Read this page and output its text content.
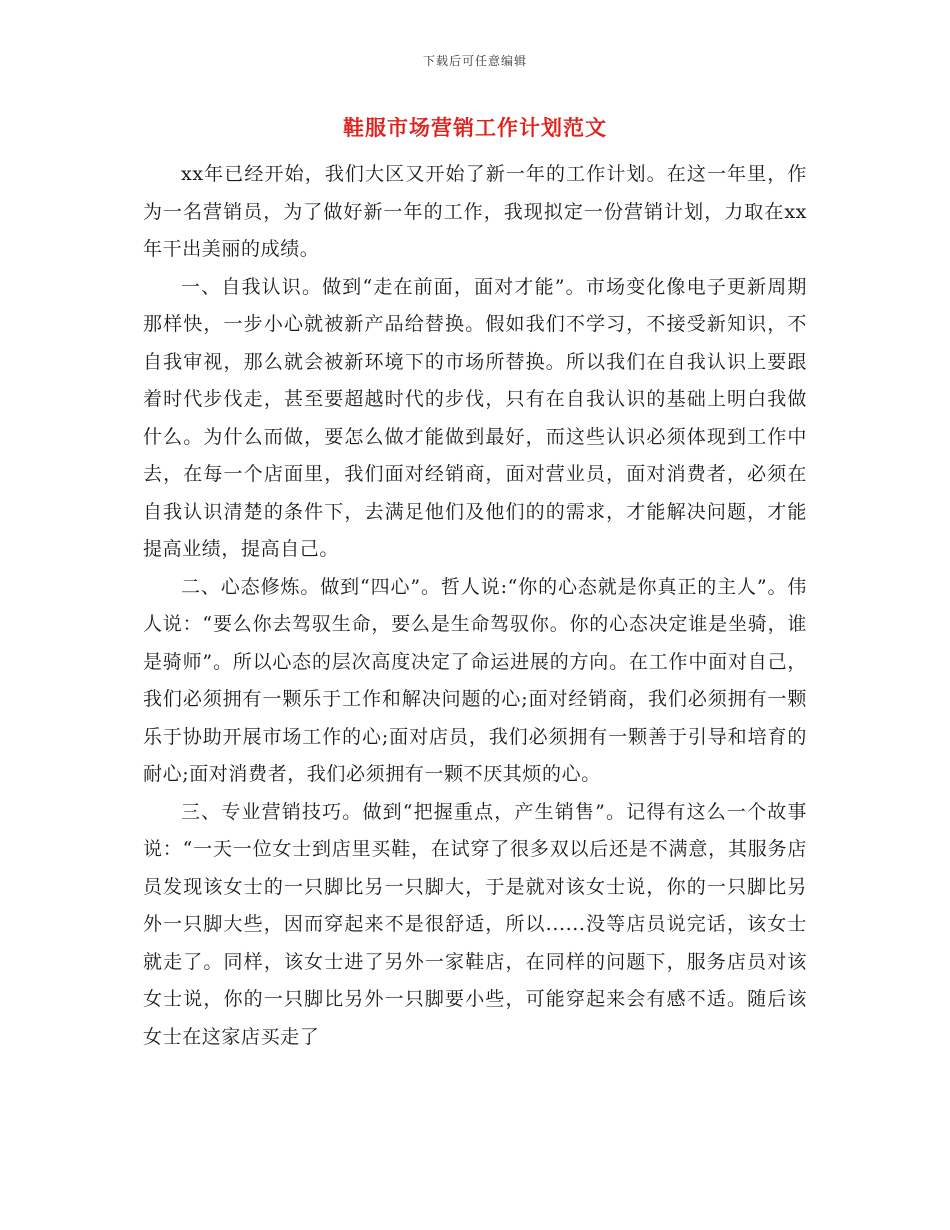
下载后可任意编辑
鞋服市场营销工作计划范文

xx年已经开始，我们大区又开始了新一年的工作计划。在这一年里，作为一名营销员，为了做好新一年的工作，我现拟定一份营销计划，力取在xx年干出美丽的成绩。

一、自我认识。做到“走在前面，面对才能”。市场变化像电子更新周期那样快，一步小心就被新产品给替换。假如我们不学习，不接受新知识，不自我审视，那么就会被新环境下的市场所替换。所以我们在自我认识上要跟着时代步伐走，甚至要超越时代的步伐，只有在自我认识的基础上明白我做什么。为什么而做，要怎么做才能做到最好，而这些认识必须体现到工作中去，在每一个店面里，我们面对经销商，面对营业员，面对消费者，必须在自我认识清楚的条件下，去满足他们及他们的的需求，才能解决问题，才能提高业绩，提高自己。

二、心态修炼。做到“四心”。哲人说:“你的心态就是你真正的主人”。伟人说：“要么你去驾驭生命，要么是生命驾驭你。你的心态决定谁是坐骑，谁是骑师”。所以心态的层次高度决定了命运进展的方向。在工作中面对自己，我们必须拥有一颗乐于工作和解决问题的心;面对经销商，我们必须拥有一颗乐于协助开展市场工作的心;面对店员，我们必须拥有一颗善于引导和培育的耐心;面对消费者，我们必须拥有一颗不厌其烦的心。

三、专业营销技巧。做到“把握重点，产生销售”。记得有这么一个故事说：“一天一位女士到店里买鞋，在试穿了很多双以后还是不满意，其服务店员发现该女士的一只脚比另一只脚大，于是就对该女士说，你的一只脚比另外一只脚大些，因而穿起来不是很舒适，所以......没等店员说完话，该女士就走了。同样，该女士进了另外一家鞋店，在同样的问题下，服务店员对该女士说，你的一只脚比另外一只脚要小些，可能穿起来会有感不适。随后该女士在这家店买走了
